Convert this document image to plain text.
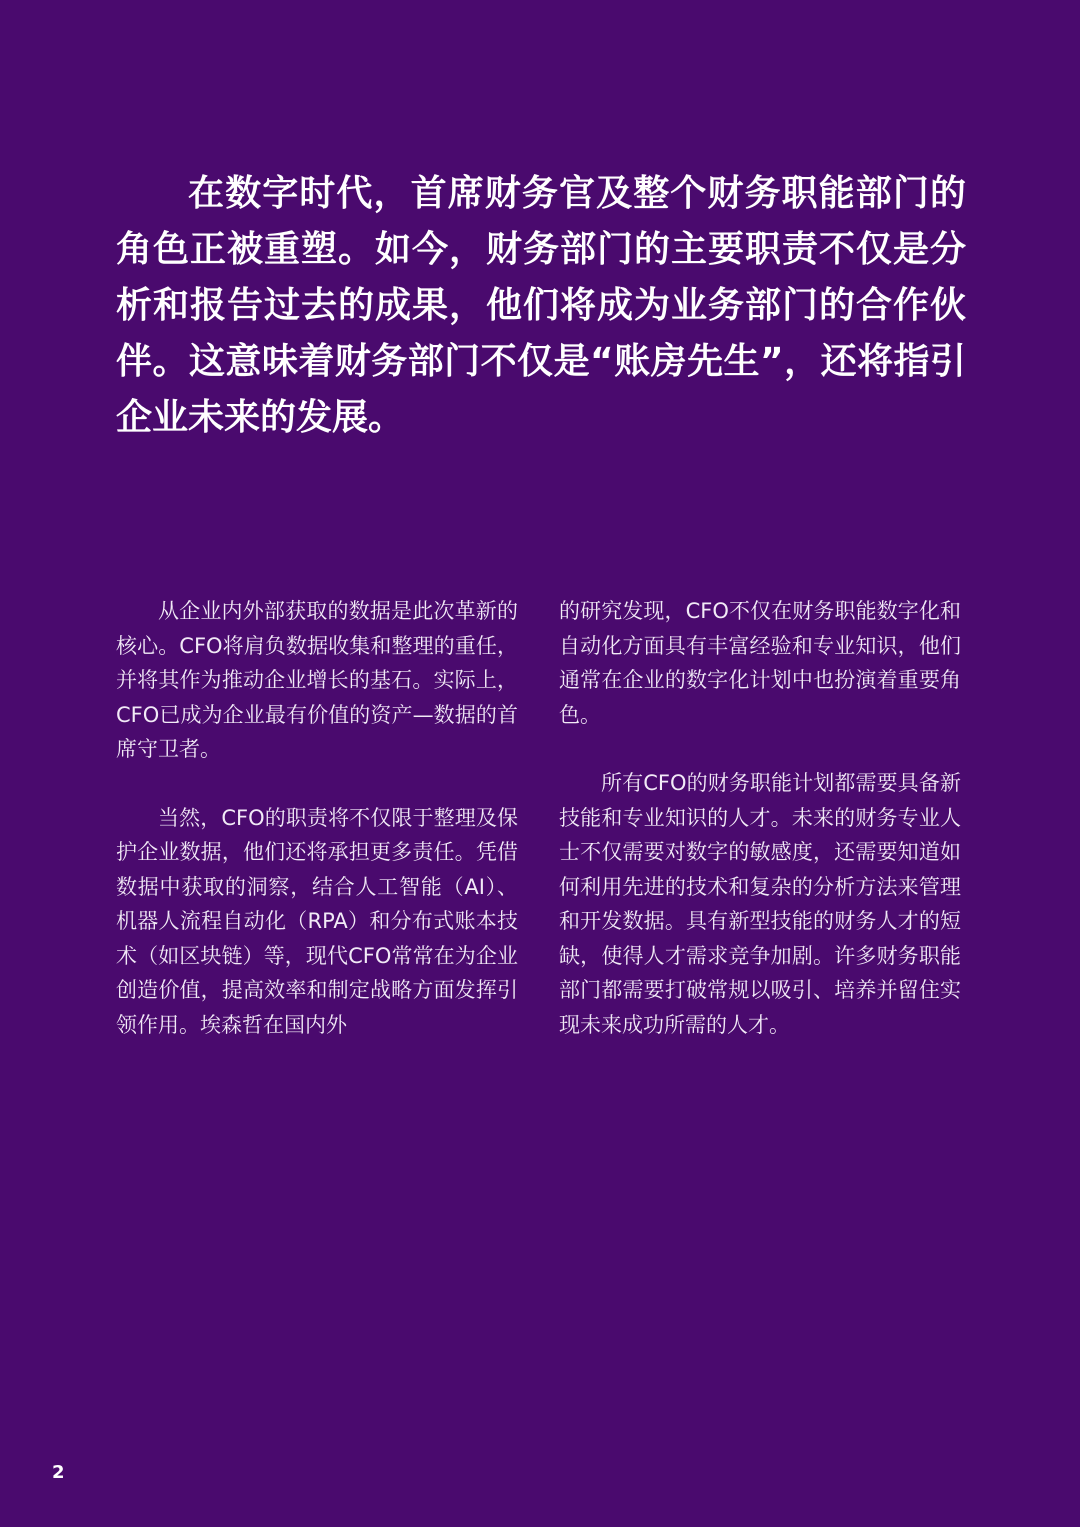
在数字时代，首席财务官及整个财务职能部门的角色正被重塑。如今，财务部门的主要职责不仅是分析和报告过去的成果，他们将成为业务部门的合作伙伴。这意味着财务部门不仅是“账房先生”，还将指引企业未来的发展。

从企业内外部获取的数据是此次革新的核心。CFO将肩负数据收集和整理的重任，并将其作为推动企业增长的基石。实际上，CFO已成为企业最有价值的资产—数据的首席守卫者。

当然，CFO的职责将不仅限于整理及保护企业数据，他们还将承担更多责任。凭借数据中获取的洞察，结合人工智能（AI）、机器人流程自动化（RPA）和分布式账本技术（如区块链）等，现代CFO常常在为企业创造价值，提高效率和制定战略方面发挥引领作用。埃森哲在国内外

的研究发现，CFO不仅在财务职能数字化和自动化方面具有丰富经验和专业知识，他们通常在企业的数字化计划中也扮演着重要角色。

所有CFO的财务职能计划都需要具备新技能和专业知识的人才。未来的财务专业人士不仅需要对数字的敏感度，还需要知道如何利用先进的技术和复杂的分析方法来管理和开发数据。具有新型技能的财务人才的短缺，使得人才需求竞争加剧。许多财务职能部门都需要打破常规以吸引、培养并留住实现未来成功所需的人才。

2
